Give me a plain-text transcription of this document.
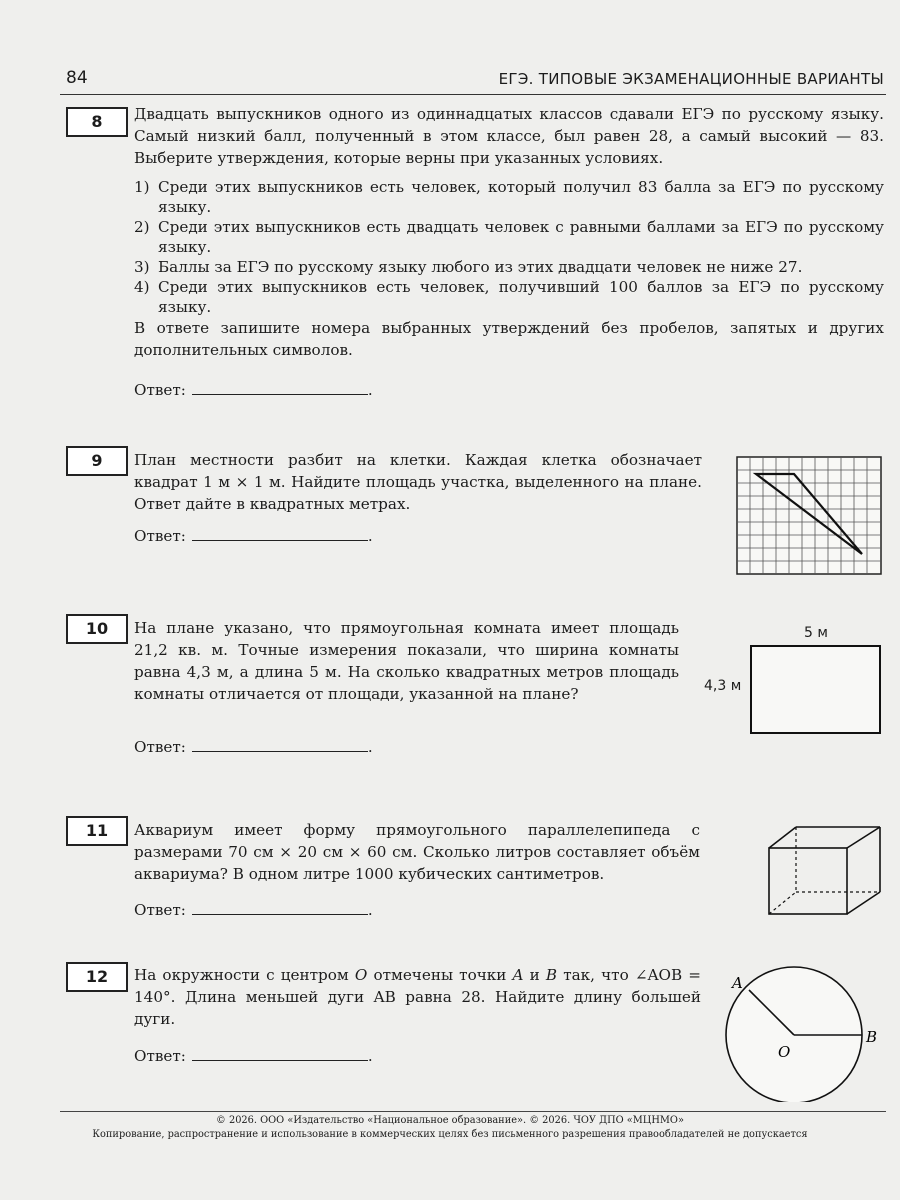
84	ЕГЭ. ТИПОВЫЕ ЭКЗАМЕНАЦИОННЫЕ ВАРИАНТЫ
8	Двадцать выпускников одного из одиннадцатых классов сдавали ЕГЭ по русскому языку. Самый низкий балл, полученный в этом классе, был равен 28, а самый высокий — 83. Выберите утверждения, которые верны при указанных условиях.

1) Среди этих выпускников есть человек, который получил 83 балла за ЕГЭ по русскому языку.
2) Среди этих выпускников есть двадцать человек с равными баллами за ЕГЭ по русскому языку.
3) Баллы за ЕГЭ по русскому языку любого из этих двадцати человек не ниже 27.
4) Среди этих выпускников есть человек, получивший 100 баллов за ЕГЭ по русскому языку.

В ответе запишите номера выбранных утверждений без пробелов, запятых и других дополнительных символов.

Ответ:	.
9	План местности разбит на клетки. Каждая клетка обозначает квадрат 1 м × 1 м. Найдите площадь участка, выделенного на плане. Ответ дайте в квадратных метрах.

Ответ:	.
10	На плане указано, что прямоугольная комната имеет площадь 21,2 кв. м. Точные измерения показали, что ширина комнаты равна 4,3 м, а длина 5 м. На сколько квадратных метров площадь комнаты отличается от площади, указанной на плане?

Ответ:	.
5 м
4,3 м
11	Аквариум имеет форму прямоугольного параллелепипеда с размерами 70 см × 20 см × 60 см. Сколько литров составляет объём аквариума? В одном литре 1000 кубических сантиметров.

Ответ:	.
12	На окружности с центром O отмечены точки A и B так, что ∠AOB = 140°. Длина меньшей дуги AB равна 28. Найдите длину большей дуги.

Ответ:	.
A
B
O
© 2026. ООО «Издательство «Национальное образование». © 2026. ЧОУ ДПО «МЦНМО»
Копирование, распространение и использование в коммерческих целях без письменного разрешения правообладателей не допускается
